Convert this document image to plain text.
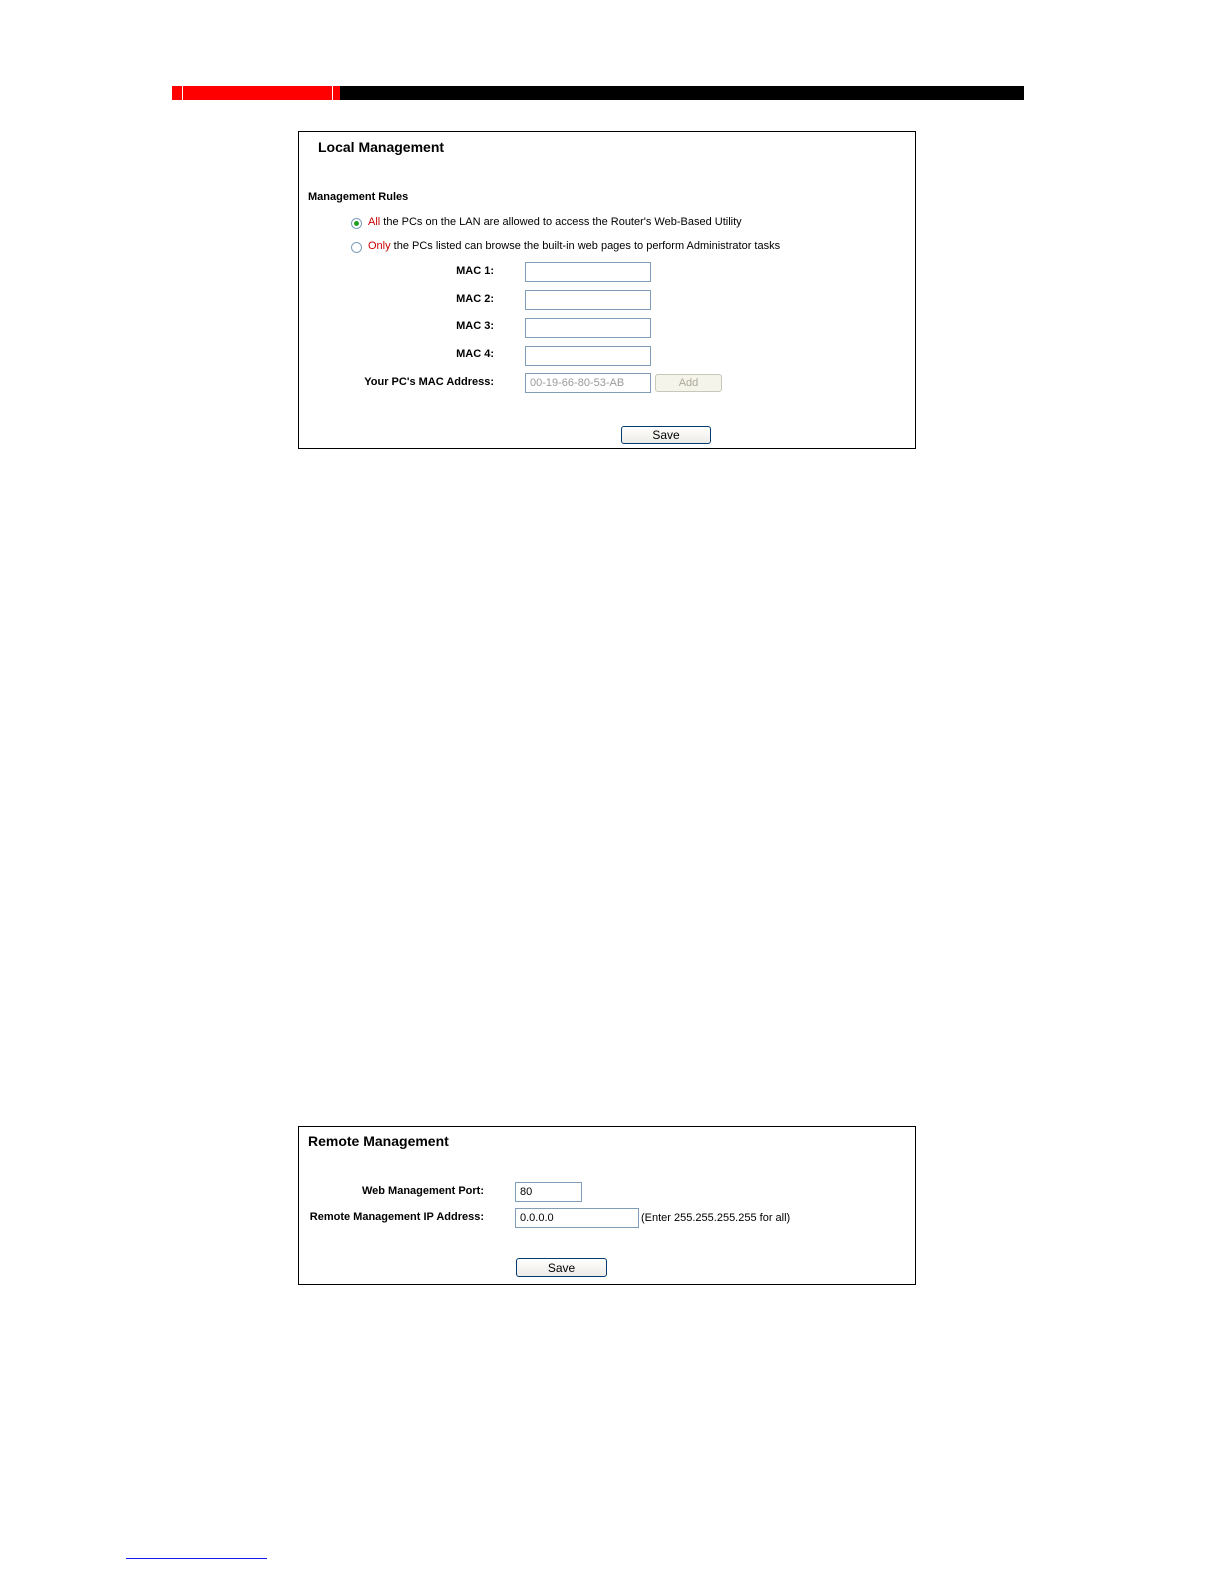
Local Management
Management Rules
All the PCs on the LAN are allowed to access the Router's Web-Based Utility
Only the PCs listed can browse the built-in web pages to perform Administrator tasks
MAC 1:
MAC 2:
MAC 3:
MAC 4:
Your PC's MAC Address:	00-19-66-80-53-AB	Add
Save
Remote Management
Web Management Port:	80
Remote Management IP Address:	0.0.0.0	(Enter 255.255.255.255 for all)
Save
